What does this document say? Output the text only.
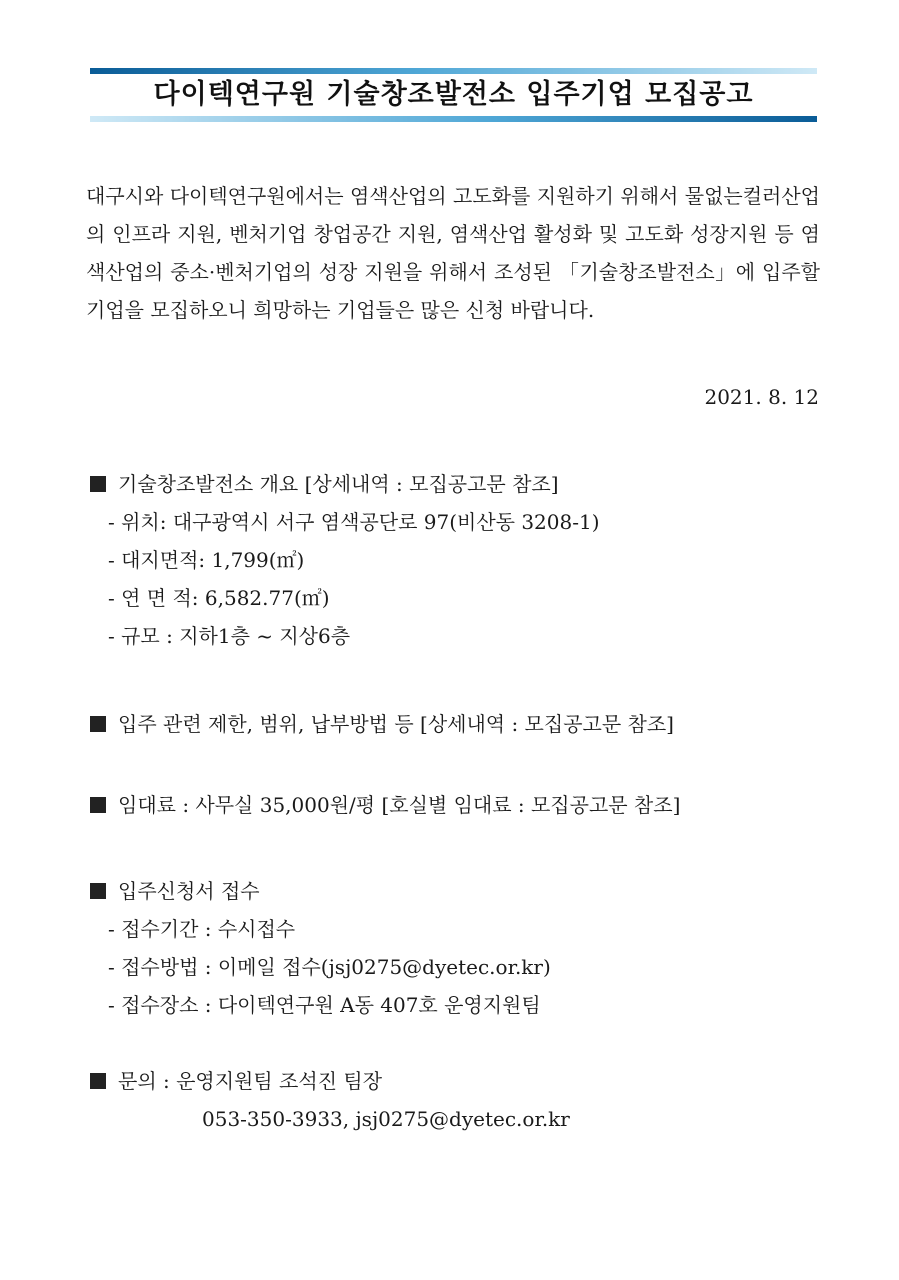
다이텍연구원 기술창조발전소 입주기업 모집공고

대구시와 다이텍연구원에서는 염색산업의 고도화를 지원하기 위해서 물없는컬러산업의 인프라 지원, 벤처기업 창업공간 지원, 염색산업 활성화 및 고도화 성장지원 등 염색산업의 중소·벤처기업의 성장 지원을 위해서 조성된 「기술창조발전소」에 입주할 기업을 모집하오니 희망하는 기업들은 많은 신청 바랍니다.

2021. 8. 12

기술창조발전소 개요 [상세내역 : 모집공고문 참조]

- 위치: 대구광역시 서구 염색공단로 97(비산동 3208-1)

- 대지면적: 1,799(㎡)

- 연 면 적: 6,582.77(㎡)

- 규모 : 지하1층 ~ 지상6층

입주 관련 제한, 범위, 납부방법 등 [상세내역 : 모집공고문 참조]

임대료 : 사무실 35,000원/평 [호실별 임대료 : 모집공고문 참조]

입주신청서 접수

- 접수기간 : 수시접수

- 접수방법 : 이메일 접수(jsj0275@dyetec.or.kr)

- 접수장소 : 다이텍연구원 A동 407호 운영지원팀

문의 : 운영지원팀 조석진 팀장

053-350-3933, jsj0275@dyetec.or.kr
